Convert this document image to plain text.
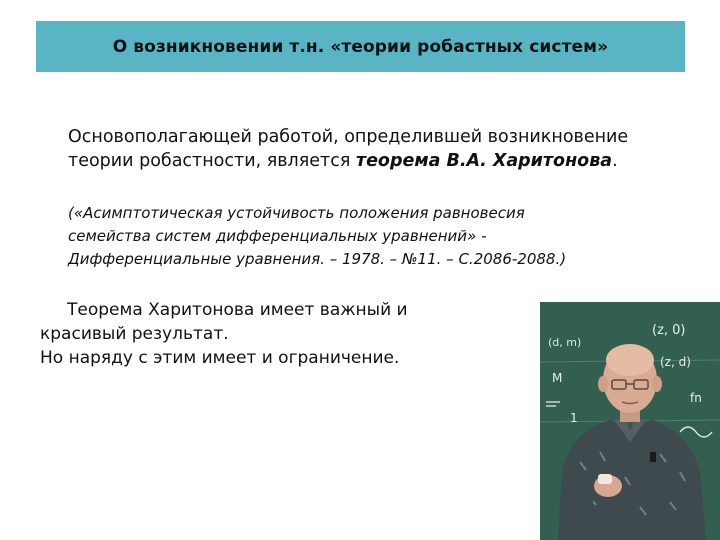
О возникновении т.н. «теории робастных систем»
Основополагающей работой, определившей возникновение теории робастности, является теорема В.А. Харитонова.
(«Асимптотическая устойчивость положения равновесия
семейства систем дифференциальных уравнений» -
Дифференциальные уравнения. – 1978. – №11. – С.2086-2088.)
Теорема Харитонова имеет важный и
красивый результат.
Но наряду с этим имеет и ограничение.
(z, 0)
(z, d)
(d, m)
fn
M
1
